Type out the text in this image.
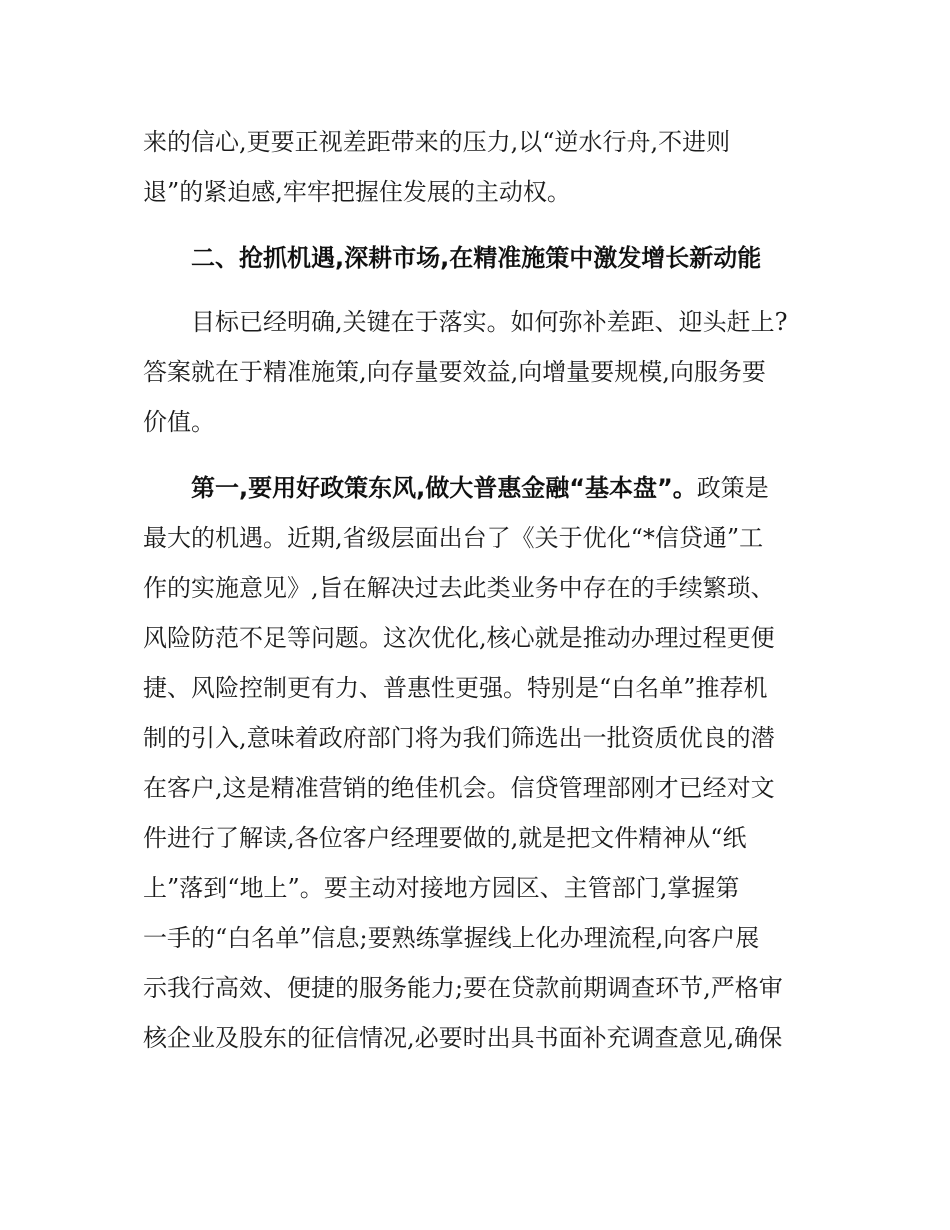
来的信心,更要正视差距带来的压力,以“逆水行舟,不进则
退”的紧迫感,牢牢把握住发展的主动权。
二、抢抓机遇,深耕市场,在精准施策中激发增长新动能
目标已经明确,关键在于落实。如何弥补差距、迎头赶上?
答案就在于精准施策,向存量要效益,向增量要规模,向服务要
价值。
第一,要用好政策东风,做大普惠金融“基本盘”。政策是
最大的机遇。近期,省级层面出台了《关于优化“*信贷通”工
作的实施意见》,旨在解决过去此类业务中存在的手续繁琐、
风险防范不足等问题。这次优化,核心就是推动办理过程更便
捷、风险控制更有力、普惠性更强。特别是“白名单”推荐机
制的引入,意味着政府部门将为我们筛选出一批资质优良的潜
在客户,这是精准营销的绝佳机会。信贷管理部刚才已经对文
件进行了解读,各位客户经理要做的,就是把文件精神从“纸
上”落到“地上”。要主动对接地方园区、主管部门,掌握第
一手的“白名单”信息;要熟练掌握线上化办理流程,向客户展
示我行高效、便捷的服务能力;要在贷款前期调查环节,严格审
核企业及股东的征信情况,必要时出具书面补充调查意见,确保
